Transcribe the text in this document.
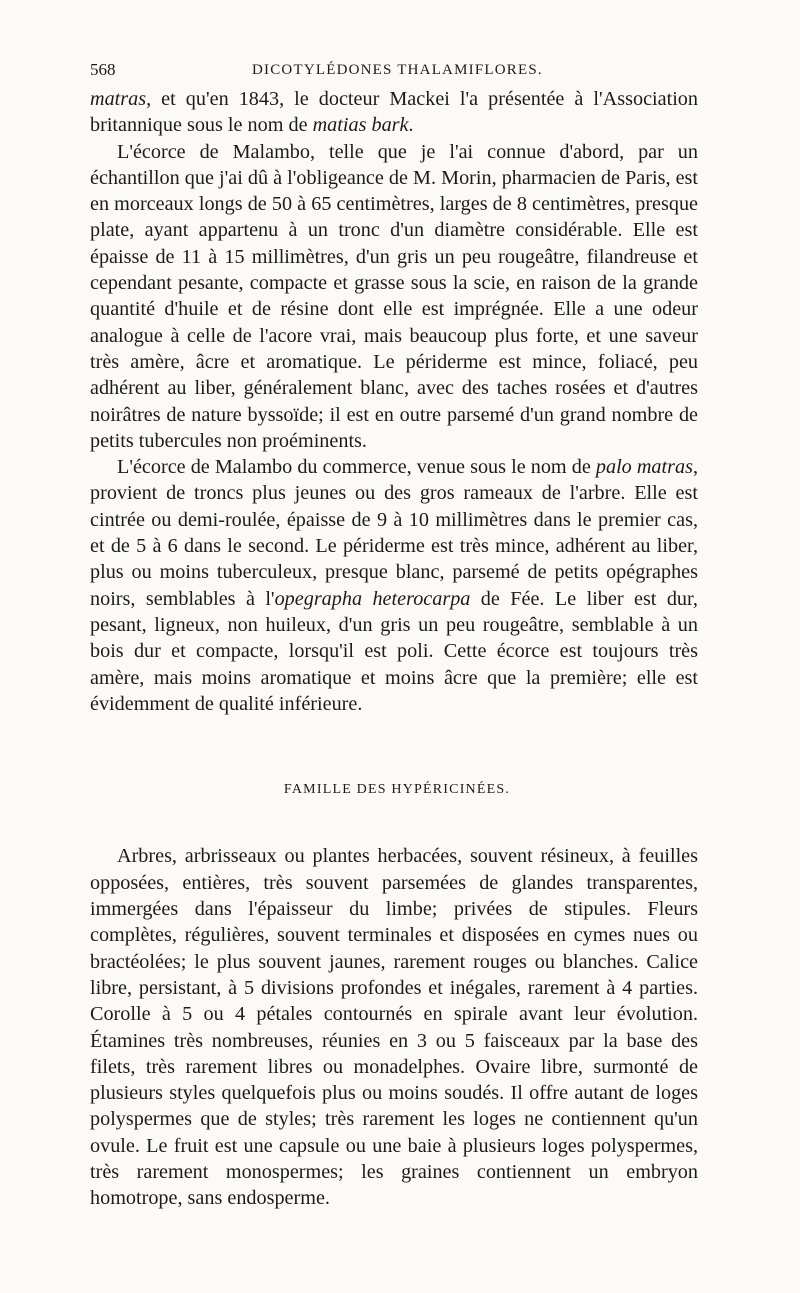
568	DICOTYLÉDONES THALAMIFLORES.

matras, et qu'en 1843, le docteur Mackei l'a présentée à l'Association britannique sous le nom de matias bark.

L'écorce de Malambo, telle que je l'ai connue d'abord, par un échantillon que j'ai dû à l'obligeance de M. Morin, pharmacien de Paris, est en morceaux longs de 50 à 65 centimètres, larges de 8 centimètres, presque plate, ayant appartenu à un tronc d'un diamètre considérable. Elle est épaisse de 11 à 15 millimètres, d'un gris un peu rougeâtre, filandreuse et cependant pesante, compacte et grasse sous la scie, en raison de la grande quantité d'huile et de résine dont elle est imprégnée. Elle a une odeur analogue à celle de l'acore vrai, mais beaucoup plus forte, et une saveur très amère, âcre et aromatique. Le périderme est mince, foliacé, peu adhérent au liber, généralement blanc, avec des taches rosées et d'autres noirâtres de nature byssoïde; il est en outre parsemé d'un grand nombre de petits tubercules non proéminents.

L'écorce de Malambo du commerce, venue sous le nom de palo matras, provient de troncs plus jeunes ou des gros rameaux de l'arbre. Elle est cintrée ou demi-roulée, épaisse de 9 à 10 millimètres dans le premier cas, et de 5 à 6 dans le second. Le périderme est très mince, adhérent au liber, plus ou moins tuberculeux, presque blanc, parsemé de petits opégraphes noirs, semblables à l'opegrapha heterocarpa de Fée. Le liber est dur, pesant, ligneux, non huileux, d'un gris un peu rougeâtre, semblable à un bois dur et compacte, lorsqu'il est poli. Cette écorce est toujours très amère, mais moins aromatique et moins âcre que la première; elle est évidemment de qualité inférieure.

FAMILLE DES HYPÉRICINÉES.

Arbres, arbrisseaux ou plantes herbacées, souvent résineux, à feuilles opposées, entières, très souvent parsemées de glandes transparentes, immergées dans l'épaisseur du limbe; privées de stipules. Fleurs complètes, régulières, souvent terminales et disposées en cymes nues ou bractéolées; le plus souvent jaunes, rarement rouges ou blanches. Calice libre, persistant, à 5 divisions profondes et inégales, rarement à 4 parties. Corolle à 5 ou 4 pétales contournés en spirale avant leur évolution. Étamines très nombreuses, réunies en 3 ou 5 faisceaux par la base des filets, très rarement libres ou monadelphes. Ovaire libre, surmonté de plusieurs styles quelquefois plus ou moins soudés. Il offre autant de loges polyspermes que de styles; très rarement les loges ne contiennent qu'un ovule. Le fruit est une capsule ou une baie à plusieurs loges polyspermes, très rarement monospermes; les graines contiennent un embryon homotrope, sans endosperme.
